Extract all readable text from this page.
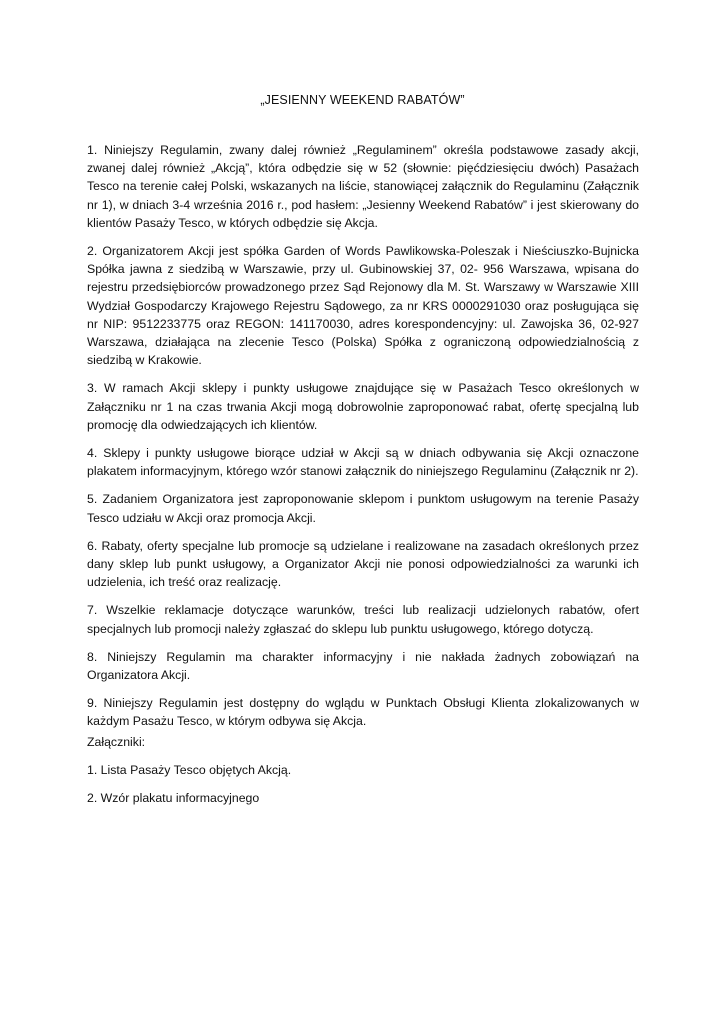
„JESIENNY WEEKEND RABATÓW”

1. Niniejszy Regulamin, zwany dalej również „Regulaminem” określa podstawowe zasady akcji, zwanej dalej również „Akcją”, która odbędzie się w 52 (słownie: pięćdziesięciu dwóch) Pasażach Tesco na terenie całej Polski, wskazanych na liście, stanowiącej załącznik do Regulaminu (Załącznik nr 1), w dniach 3-4 września 2016 r., pod hasłem: „Jesienny Weekend Rabatów” i jest skierowany do klientów Pasaży Tesco, w których odbędzie się Akcja.

2. Organizatorem Akcji jest spółka Garden of Words Pawlikowska-Poleszak i Nieściuszko-Bujnicka Spółka jawna z siedzibą w Warszawie, przy ul. Gubinowskiej 37, 02- 956 Warszawa, wpisana do rejestru przedsiębiorców prowadzonego przez Sąd Rejonowy dla M. St. Warszawy w Warszawie XIII Wydział Gospodarczy Krajowego Rejestru Sądowego, za nr KRS 0000291030 oraz posługująca się nr NIP: 9512233775 oraz REGON: 141170030, adres korespondencyjny: ul. Zawojska 36, 02-927 Warszawa, działająca na zlecenie Tesco (Polska) Spółka z ograniczoną odpowiedzialnością z siedzibą w Krakowie.

3. W ramach Akcji sklepy i punkty usługowe znajdujące się w Pasażach Tesco określonych w Załączniku nr 1 na czas trwania Akcji mogą dobrowolnie zaproponować rabat, ofertę specjalną lub promocję dla odwiedzających ich klientów.

4. Sklepy i punkty usługowe biorące udział w Akcji są w dniach odbywania się Akcji oznaczone plakatem informacyjnym, którego wzór stanowi załącznik do niniejszego Regulaminu (Załącznik nr 2).

5. Zadaniem Organizatora jest zaproponowanie sklepom i punktom usługowym na terenie Pasaży Tesco udziału w Akcji oraz promocja Akcji.

6. Rabaty, oferty specjalne lub promocje są udzielane i realizowane na zasadach określonych przez dany sklep lub punkt usługowy, a Organizator Akcji nie ponosi odpowiedzialności za warunki ich udzielenia, ich treść oraz realizację.

7. Wszelkie reklamacje dotyczące warunków, treści lub realizacji udzielonych rabatów, ofert specjalnych lub promocji należy zgłaszać do sklepu lub punktu usługowego, którego dotyczą.

8. Niniejszy Regulamin ma charakter informacyjny i nie nakłada żadnych zobowiązań na Organizatora Akcji.

9. Niniejszy Regulamin jest dostępny do wglądu w Punktach Obsługi Klienta zlokalizowanych w każdym Pasażu Tesco, w którym odbywa się Akcja.

Załączniki:

1. Lista Pasaży Tesco objętych Akcją.

2. Wzór plakatu informacyjnego
